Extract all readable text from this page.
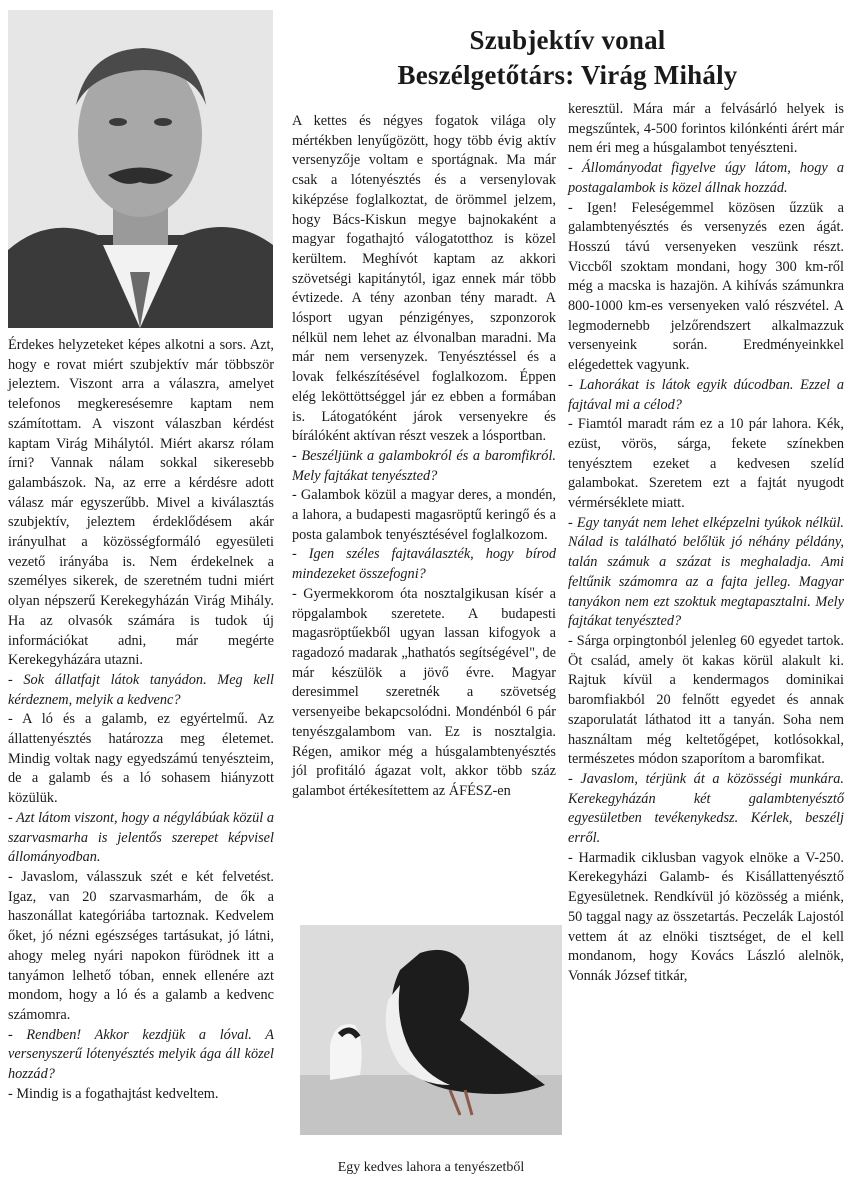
Szubjektív vonal
Beszélgetőtárs: Virág Mihály

Érdekes helyzeteket képes alkotni a sors. Azt, hogy e rovat miért szubjektív már többször jeleztem. Viszont arra a válaszra, amelyet telefonos megkeresésemre kaptam nem számítottam. A viszont válaszban kérdést kaptam Virág Mihálytól. Miért akarsz rólam írni? Vannak nálam sokkal sikeresebb galambászok. Na, az erre a kérdésre adott válasz már egyszerűbb. Mivel a kiválasztás szubjektív, jeleztem érdeklődésem akár irányulhat a közösségformáló egyesületi vezető irányába is. Nem érdekelnek a személyes sikerek, de szeretném tudni miért olyan népszerű Kerekegyházán Virág Mihály. Ha az olvasók számára is tudok új információkat adni, már megérte Kerekegyházára utazni.

- Sok állatfajt látok tanyádon. Meg kell kérdeznem, melyik a kedvenc?

- A ló és a galamb, ez egyértelmű. Az állattenyésztés határozza meg életemet. Mindig voltak nagy egyedszámú tenyészteim, de a galamb és a ló sohasem hiányzott közülük.

- Azt látom viszont, hogy a négylábúak közül a szarvasmarha is jelentős szerepet képvisel állományodban.

- Javaslom, válasszuk szét e két felvetést. Igaz, van 20 szarvasmarhám, de ők a haszonállat kategóriába tartoznak. Kedvelem őket, jó nézni egészséges tartásukat, jó látni, ahogy meleg nyári napokon fürödnek itt a tanyámon lelhető tóban, ennek ellenére azt mondom, hogy a ló és a galamb a kedvenc számomra.

- Rendben! Akkor kezdjük a lóval. A versenyszerű lótenyésztés melyik ága áll közel hozzád?

- Mindig is a fogathajtást kedveltem.

A kettes és négyes fogatok világa oly mértékben lenyűgözött, hogy több évig aktív versenyzője voltam e sportágnak. Ma már csak a lótenyésztés és a versenylovak kiképzése foglalkoztat, de örömmel jelzem, hogy Bács-Kiskun megye bajnokaként a magyar fogathajtó válogatotthoz is közel kerültem. Meghívót kaptam az akkori szövetségi kapitánytól, igaz ennek már több évtizede. A tény azonban tény maradt. A lósport ugyan pénzigényes, szponzorok nélkül nem lehet az élvonalban maradni. Ma már nem versenyzek. Tenyésztéssel és a lovak felkészítésével foglalkozom. Éppen elég leköttöttséggel jár ez ebben a formában is. Látogatóként járok versenyekre és bírálóként aktívan részt veszek a lósportban.

- Beszéljünk a galambokról és a baromfikról. Mely fajtákat tenyészted?

- Galambok közül a magyar deres, a mondén, a lahora, a budapesti magasröptű keringő és a posta galambok tenyésztésével foglalkozom.

- Igen széles fajtaválaszték, hogy bírod mindezeket összefogni?

- Gyermekkorom óta nosztalgikusan kísér a röpgalambok szeretete. A budapesti magasröptűekből ugyan lassan kifogyok a ragadozó madarak „hathatós segítségével", de már készülök a jövő évre. Magyar deresimmel szeretnék a szövetség versenyeibe bekapcsolódni. Mondénból 6 pár tenyészgalambom van. Ez is nosztalgia. Régen, amikor még a húsgalambtenyésztés jól profitáló ágazat volt, akkor több száz galambot értékesítettem az ÁFÉSZ-en

Egy kedves lahora a tenyészetből

keresztül. Mára már a felvásárló helyek is megszűntek, 4-500 forintos kilónkénti árért már nem éri meg a húsgalambot tenyészteni.

- Állományodat figyelve úgy látom, hogy a postagalambok is közel állnak hozzád.

- Igen! Feleségemmel közösen űzzük a galambtenyésztés és versenyzés ezen ágát. Hosszú távú versenyeken veszünk részt. Viccből szoktam mondani, hogy 300 km-ről még a macska is hazajön. A kihívás számunkra 800-1000 km-es versenyeken való részvétel. A legmodernebb jelzőrendszert alkalmazzuk versenyeink során. Eredményeinkkel elégedettek vagyunk.

- Lahorákat is látok egyik dúcodban. Ezzel a fajtával mi a célod?

- Fiamtól maradt rám ez a 10 pár lahora. Kék, ezüst, vörös, sárga, fekete színekben tenyésztem ezeket a kedvesen szelíd galambokat. Szeretem ezt a fajtát nyugodt vérmérséklete miatt.

- Egy tanyát nem lehet elképzelni tyúkok nélkül. Nálad is található belőlük jó néhány példány, talán számuk a százat is meghaladja. Ami feltűnik számomra az a fajta jelleg. Magyar tanyákon nem ezt szoktuk megtapasztalni. Mely fajtákat tenyészted?

- Sárga orpingtonból jelenleg 60 egyedet tartok. Öt család, amely öt kakas körül alakult ki. Rajtuk kívül a kendermagos dominikai baromfiakból 20 felnőtt egyedet és annak szaporulatát láthatod itt a tanyán. Soha nem használtam még keltetőgépet, kotlósokkal, természetes módon szaporítom a baromfikat.

- Javaslom, térjünk át a közösségi munkára. Kerekegyházán két galambtenyésztő egyesületben tevékenykedsz. Kérlek, beszélj erről.

- Harmadik ciklusban vagyok elnöke a V-250. Kerekegyházi Galamb- és Kisállattenyésztő Egyesületnek. Rendkívül jó közösség a miénk, 50 taggal nagy az összetartás. Peczelák Lajostól vettem át az elnöki tisztséget, de el kell mondanom, hogy Kovács László alelnök, Vonnák József titkár,
